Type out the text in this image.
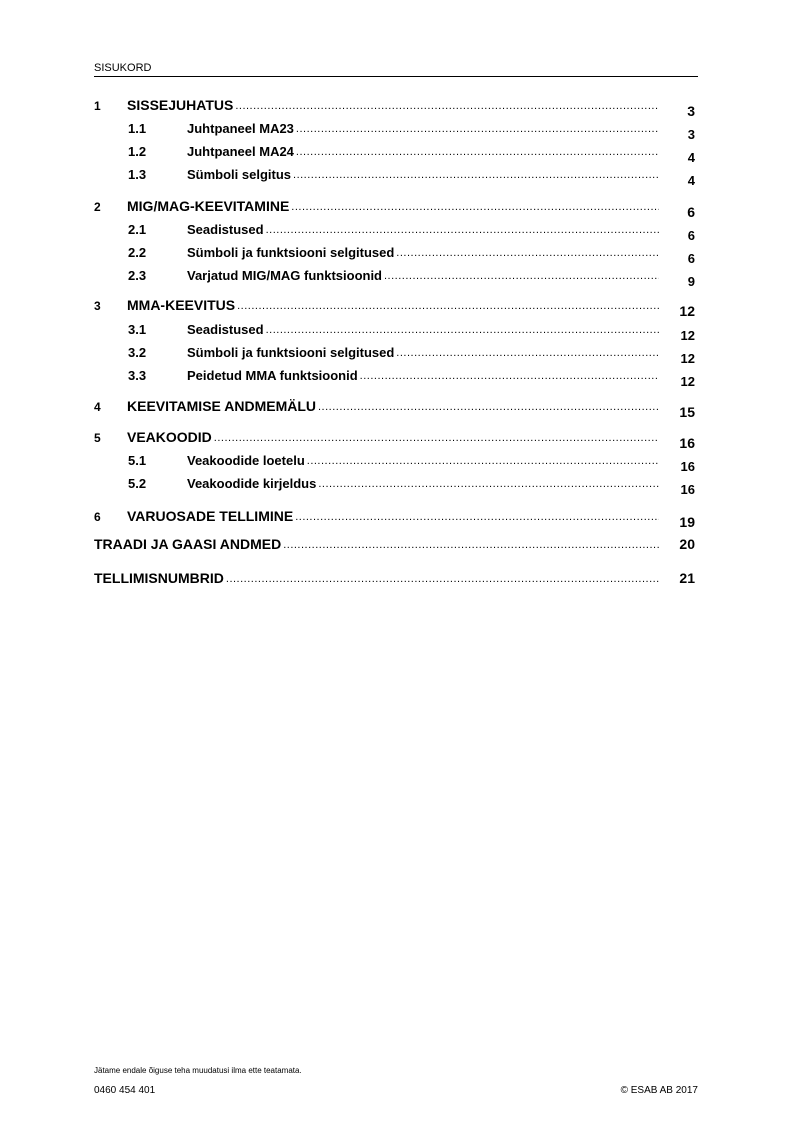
SISUKORD
1 SISSEJUHATUS .....	3
1.1	Juhtpaneel MA23 .....	3
1.2	Juhtpaneel MA24 .....	4
1.3	Sümboli selgitus .....	4
2 MIG/MAG-KEEVITAMINE .....	6
2.1	Seadistused .....	6
2.2	Sümboli ja funktsiooni selgitused .....	6
2.3	Varjatud MIG/MAG funktsioonid .....	9
3 MMA-KEEVITUS .....	12
3.1	Seadistused .....	12
3.2	Sümboli ja funktsiooni selgitused .....	12
3.3	Peidetud MMA funktsioonid .....	12
4 KEEVITAMISE ANDMEMÄLU .....	15
5 VEAKOODID .....	16
5.1	Veakoodide loetelu .....	16
5.2	Veakoodide kirjeldus .....	16
6 VARUOSADE TELLIMINE .....	19
TRAADI JA GAASI ANDMED .....	20
TELLIMISNUMBRID .....	21
Jätame endale õiguse teha muudatusi ilma ette teatamata.
0460 454 401	© ESAB AB 2017
